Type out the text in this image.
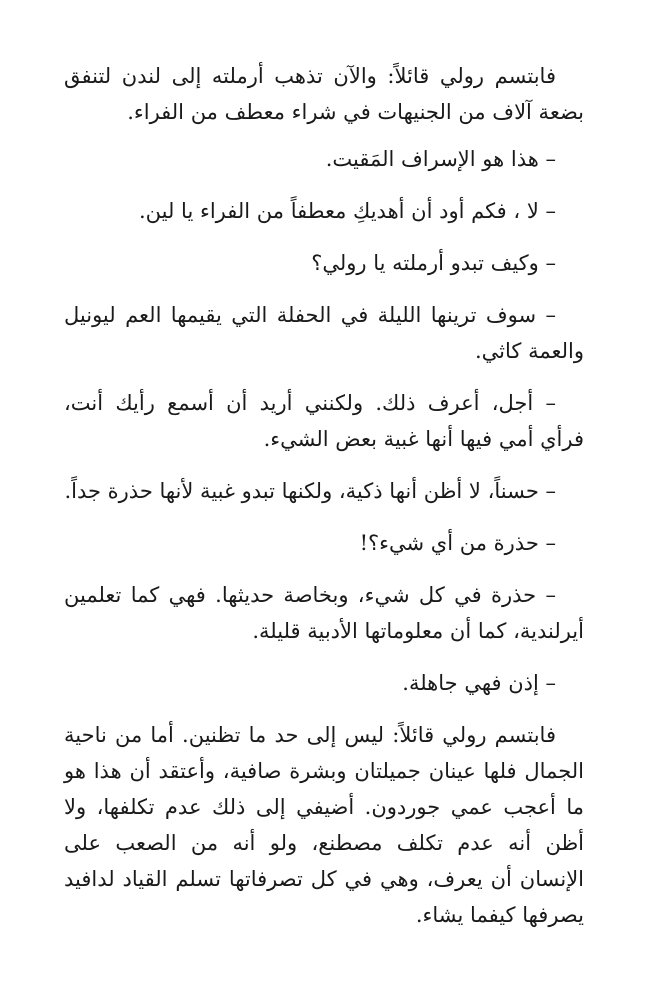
فابتسم رولي قائلاً: والآن تذهب أرملته إلى لندن لتنفق بضعة آلاف من الجنيهات في شراء معطف من الفراء.

– هذا هو الإسراف المَقيت.

– لا ، فكم أود أن أهديكِ معطفاً من الفراء يا لين.

– وكيف تبدو أرملته يا رولي؟

– سوف ترينها الليلة في الحفلة التي يقيمها العم ليونيل والعمة كاثي.

– أجل، أعرف ذلك. ولكنني أريد أن أسمع رأيك أنت، فرأي أمي فيها أنها غبية بعض الشيء.

– حسناً، لا أظن أنها ذكية، ولكنها تبدو غبية لأنها حذرة جداً.

– حذرة من أي شيء؟!

– حذرة في كل شيء، وبخاصة حديثها. فهي كما تعلمين أيرلندية، كما أن معلوماتها الأدبية قليلة.

– إذن فهي جاهلة.

فابتسم رولي قائلاً: ليس إلى حد ما تظنين. أما من ناحية الجمال فلها عينان جميلتان وبشرة صافية، وأعتقد أن هذا هو ما أعجب عمي جوردون. أضيفي إلى ذلك عدم تكلفها، ولا أظن أنه عدم تكلف مصطنع، ولو أنه من الصعب على الإنسان أن يعرف، وهي في كل تصرفاتها تسلم القياد لدافيد يصرفها كيفما يشاء.
